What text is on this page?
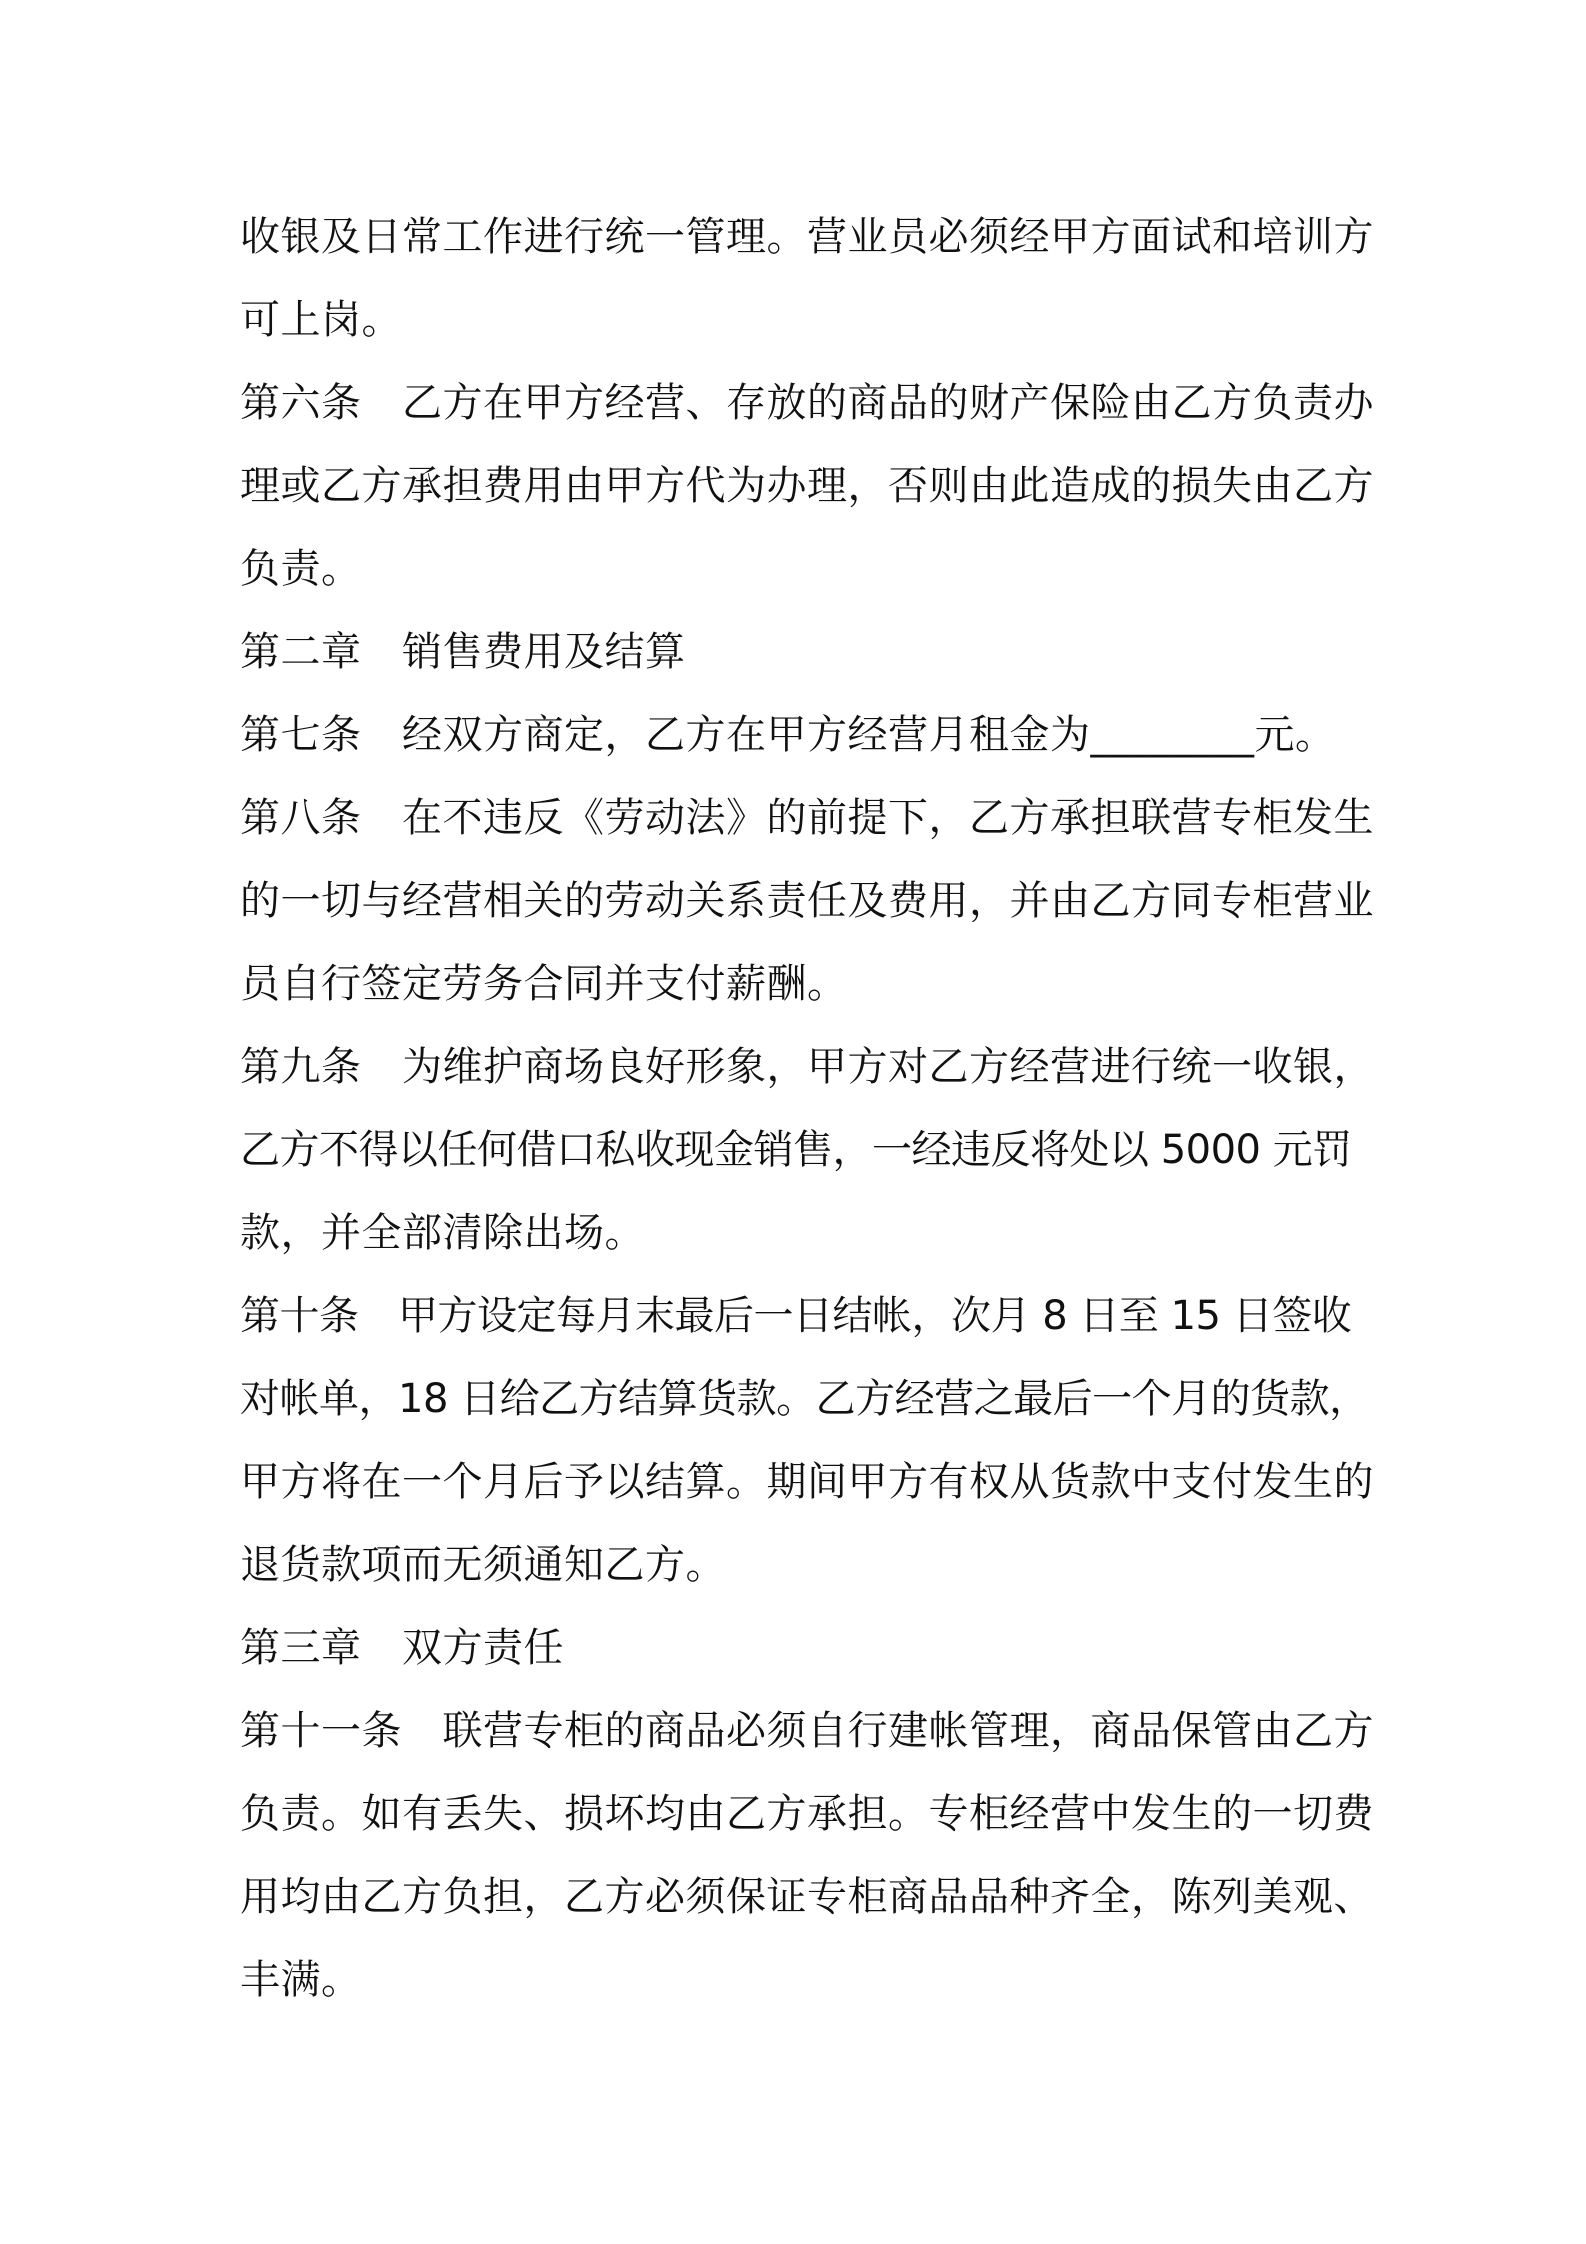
收银及日常工作进行统一管理。营业员必须经甲方面试和培训方
可上岗。
第六条　乙方在甲方经营、存放的商品的财产保险由乙方负责办
理或乙方承担费用由甲方代为办理，否则由此造成的损失由乙方
负责。
第二章　销售费用及结算
第七条　经双方商定，乙方在甲方经营月租金为________元。
第八条　在不违反《劳动法》的前提下，乙方承担联营专柜发生
的一切与经营相关的劳动关系责任及费用，并由乙方同专柜营业
员自行签定劳务合同并支付薪酬。
第九条　为维护商场良好形象，甲方对乙方经营进行统一收银，
乙方不得以任何借口私收现金销售，一经违反将处以 5000 元罚
款，并全部清除出场。
第十条　甲方设定每月末最后一日结帐，次月 8 日至 15 日签收
对帐单，18 日给乙方结算货款。乙方经营之最后一个月的货款，
甲方将在一个月后予以结算。期间甲方有权从货款中支付发生的
退货款项而无须通知乙方。
第三章　双方责任
第十一条　联营专柜的商品必须自行建帐管理，商品保管由乙方
负责。如有丢失、损坏均由乙方承担。专柜经营中发生的一切费
用均由乙方负担，乙方必须保证专柜商品品种齐全，陈列美观、
丰满。
